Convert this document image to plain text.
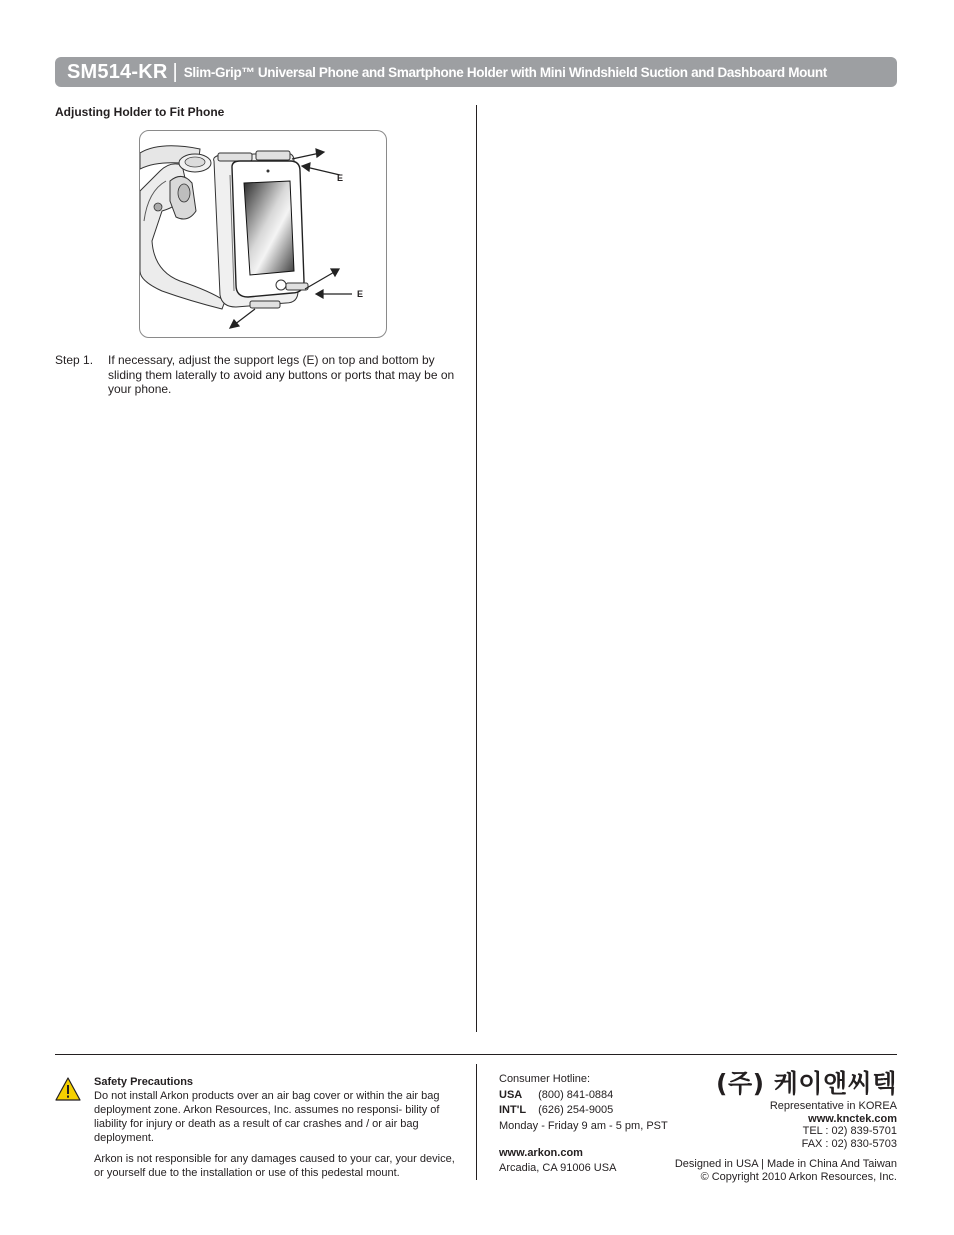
SM514-KR | Slim-Grip™ Universal Phone and Smartphone Holder with Mini Windshield Suction and Dashboard Mount
Adjusting Holder to Fit Phone
E
E
Step 1. If necessary, adjust the support legs (E) on top and bottom by sliding them laterally to avoid any buttons or ports that may be on your phone.
Safety Precautions

Do not install Arkon products over an air bag cover or within the air bag deployment zone. Arkon Resources, Inc. assumes no responsi- bility of liability for injury or death as a result of car crashes and / or air bag deployment.

Arkon is not responsible for any damages caused to your car, your device, or yourself due to the installation or use of this pedestal mount.

Consumer Hotline:
USA (800) 841-0884
INT'L (626) 254-9005
Monday - Friday 9 am - 5 pm, PST
www.arkon.com
Arcadia, CA 91006 USA
(주) 케이앤씨텍
Representative in KOREA
www.knctek.com
TEL : 02) 839-5701
FAX : 02) 830-5703
Designed in USA | Made in China And Taiwan
© Copyright 2010 Arkon Resources, Inc.
